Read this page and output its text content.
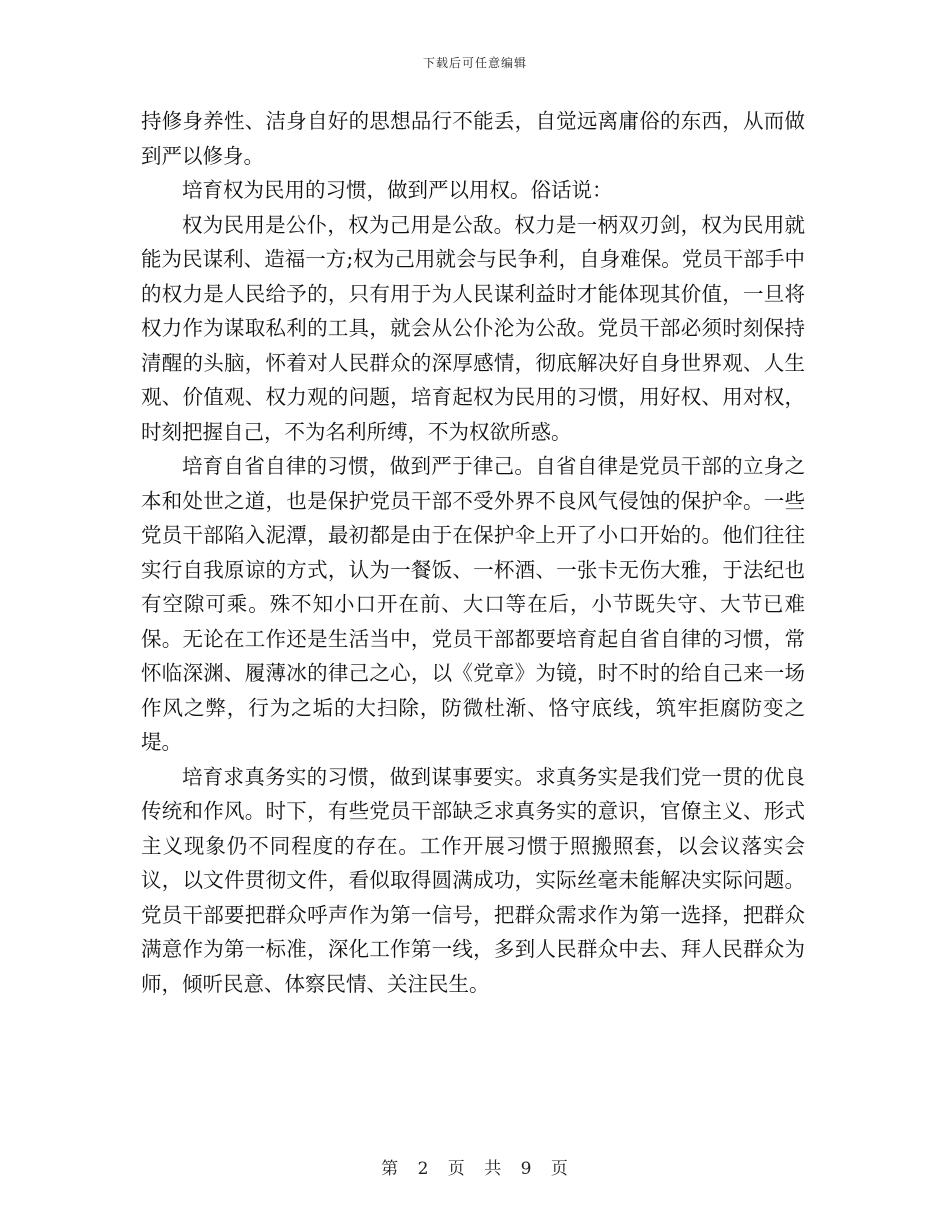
下载后可任意编辑

持修身养性、洁身自好的思想品行不能丢，自觉远离庸俗的东西，从而做到严以修身。

培育权为民用的习惯，做到严以用权。俗话说：

权为民用是公仆，权为己用是公敌。权力是一柄双刃剑，权为民用就能为民谋利、造福一方;权为己用就会与民争利，自身难保。党员干部手中的权力是人民给予的，只有用于为人民谋利益时才能体现其价值，一旦将权力作为谋取私利的工具，就会从公仆沦为公敌。党员干部必须时刻保持清醒的头脑，怀着对人民群众的深厚感情，彻底解决好自身世界观、人生观、价值观、权力观的问题，培育起权为民用的习惯，用好权、用对权，时刻把握自己，不为名利所缚，不为权欲所惑。

培育自省自律的习惯，做到严于律己。自省自律是党员干部的立身之本和处世之道，也是保护党员干部不受外界不良风气侵蚀的保护伞。一些党员干部陷入泥潭，最初都是由于在保护伞上开了小口开始的。他们往往实行自我原谅的方式，认为一餐饭、一杯酒、一张卡无伤大雅，于法纪也有空隙可乘。殊不知小口开在前、大口等在后，小节既失守、大节已难保。无论在工作还是生活当中，党员干部都要培育起自省自律的习惯，常怀临深渊、履薄冰的律己之心，以《党章》为镜，时不时的给自己来一场作风之弊，行为之垢的大扫除，防微杜渐、恪守底线，筑牢拒腐防变之堤。

培育求真务实的习惯，做到谋事要实。求真务实是我们党一贯的优良传统和作风。时下，有些党员干部缺乏求真务实的意识，官僚主义、形式主义现象仍不同程度的存在。工作开展习惯于照搬照套，以会议落实会议，以文件贯彻文件，看似取得圆满成功，实际丝毫未能解决实际问题。党员干部要把群众呼声作为第一信号，把群众需求作为第一选择，把群众满意作为第一标准，深化工作第一线，多到人民群众中去、拜人民群众为师，倾听民意、体察民情、关注民生。

第 2 页 共 9 页
